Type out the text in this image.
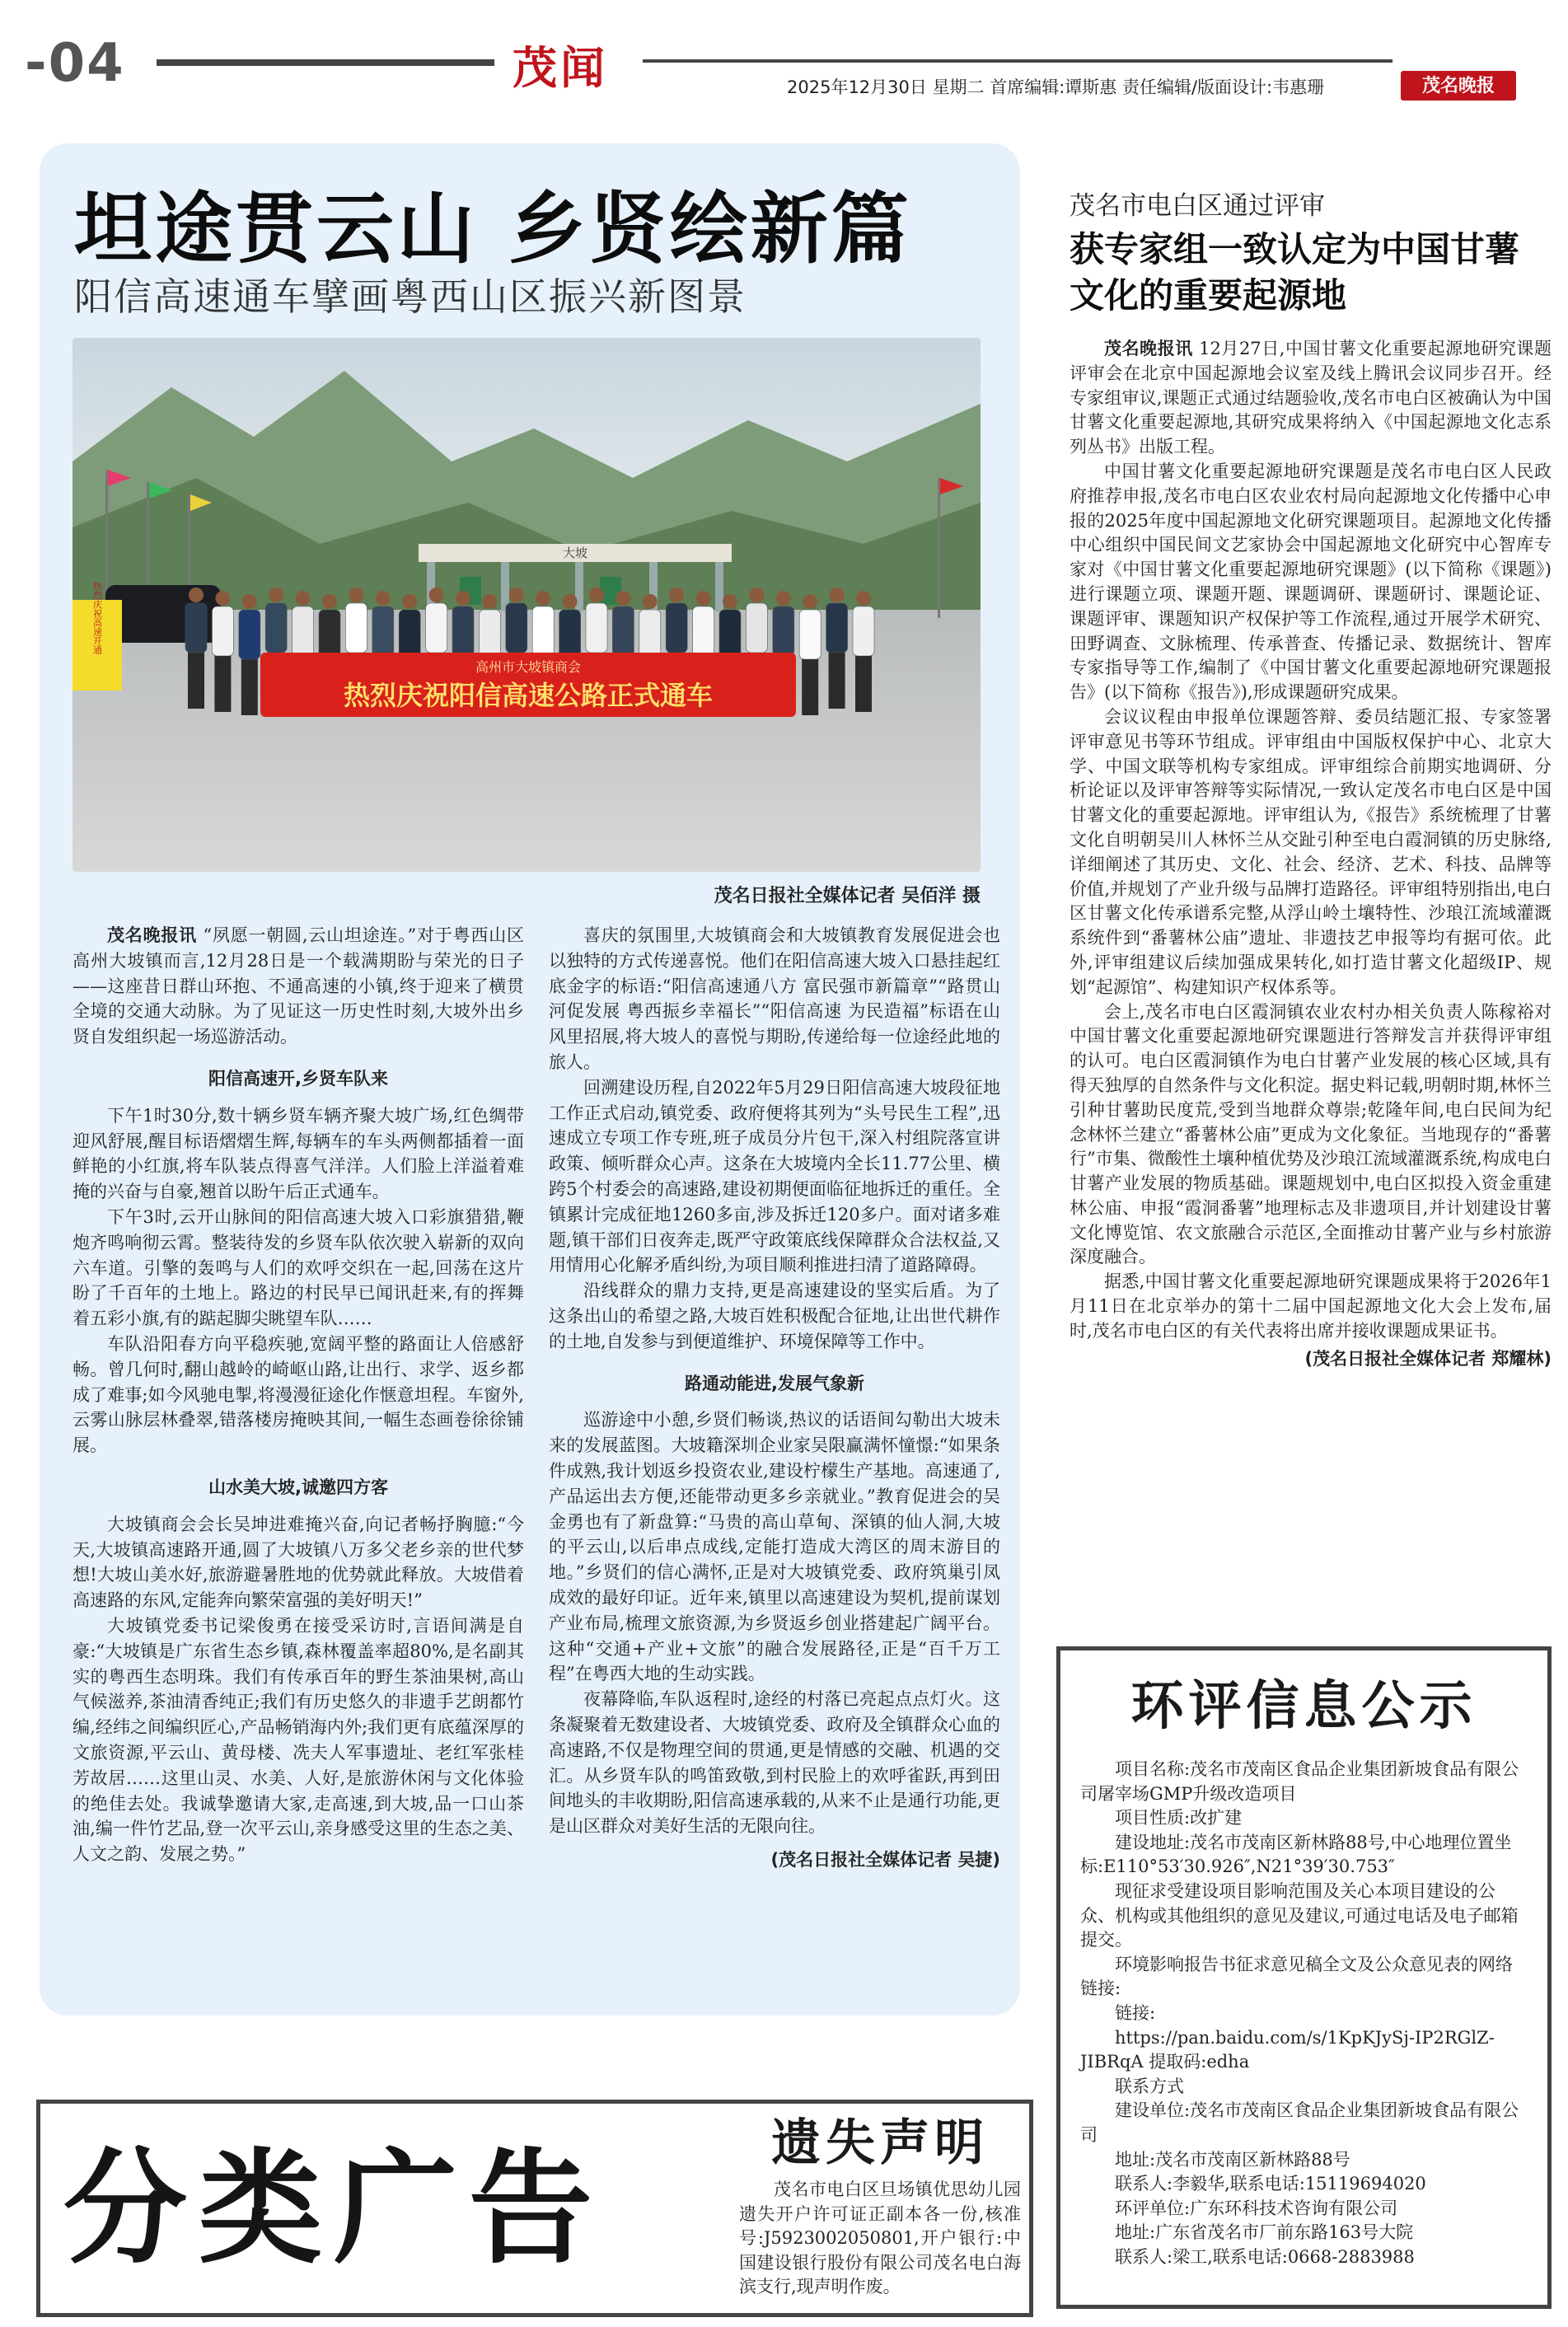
-04	茂闻	2025年12月30日 星期二 首席编辑:谭斯惠 责任编辑/版面设计:韦惠珊	茂名晚报
坦途贯云山 乡贤绘新篇
阳信高速通车擘画粤西山区振兴新图景
大坡
热烈庆祝高速开通
高州市大坡镇商会
热烈庆祝阳信高速公路正式通车
茂名日报社全媒体记者 吴佰洋 摄

茂名晚报讯 “夙愿一朝圆,云山坦途连。”对于粤西山区高州大坡镇而言,12月28日是一个载满期盼与荣光的日子——这座昔日群山环抱、不通高速的小镇,终于迎来了横贯全境的交通大动脉。为了见证这一历史性时刻,大坡外出乡贤自发组织起一场巡游活动。

阳信高速开,乡贤车队来

下午1时30分,数十辆乡贤车辆齐聚大坡广场,红色绸带迎风舒展,醒目标语熠熠生辉,每辆车的车头两侧都插着一面鲜艳的小红旗,将车队装点得喜气洋洋。人们脸上洋溢着难掩的兴奋与自豪,翘首以盼午后正式通车。

下午3时,云开山脉间的阳信高速大坡入口彩旗猎猎,鞭炮齐鸣响彻云霄。整装待发的乡贤车队依次驶入崭新的双向六车道。引擎的轰鸣与人们的欢呼交织在一起,回荡在这片盼了千百年的土地上。路边的村民早已闻讯赶来,有的挥舞着五彩小旗,有的踮起脚尖眺望车队……

车队沿阳春方向平稳疾驰,宽阔平整的路面让人倍感舒畅。曾几何时,翻山越岭的崎岖山路,让出行、求学、返乡都成了难事;如今风驰电掣,将漫漫征途化作惬意坦程。车窗外,云雾山脉层林叠翠,错落楼房掩映其间,一幅生态画卷徐徐铺展。

山水美大坡,诚邀四方客

大坡镇商会会长吴坤进难掩兴奋,向记者畅抒胸臆:“今天,大坡镇高速路开通,圆了大坡镇八万多父老乡亲的世代梦想!大坡山美水好,旅游避暑胜地的优势就此释放。大坡借着高速路的东风,定能奔向繁荣富强的美好明天!”

大坡镇党委书记梁俊勇在接受采访时,言语间满是自豪:“大坡镇是广东省生态乡镇,森林覆盖率超80%,是名副其实的粤西生态明珠。我们有传承百年的野生茶油果树,高山气候滋养,茶油清香纯正;我们有历史悠久的非遗手艺朗都竹编,经纬之间编织匠心,产品畅销海内外;我们更有底蕴深厚的文旅资源,平云山、黄母楼、冼夫人军事遗址、老红军张桂芳故居……这里山灵、水美、人好,是旅游休闲与文化体验的绝佳去处。我诚挚邀请大家,走高速,到大坡,品一口山茶油,编一件竹艺品,登一次平云山,亲身感受这里的生态之美、人文之韵、发展之势。”

喜庆的氛围里,大坡镇商会和大坡镇教育发展促进会也以独特的方式传递喜悦。他们在阳信高速大坡入口悬挂起红底金字的标语:“阳信高速通八方 富民强市新篇章”“路贯山河促发展 粤西振乡幸福长”“阳信高速 为民造福”标语在山风里招展,将大坡人的喜悦与期盼,传递给每一位途经此地的旅人。

回溯建设历程,自2022年5月29日阳信高速大坡段征地工作正式启动,镇党委、政府便将其列为“头号民生工程”,迅速成立专项工作专班,班子成员分片包干,深入村组院落宣讲政策、倾听群众心声。这条在大坡境内全长11.77公里、横跨5个村委会的高速路,建设初期便面临征地拆迁的重任。全镇累计完成征地1260多亩,涉及拆迁120多户。面对诸多难题,镇干部们日夜奔走,既严守政策底线保障群众合法权益,又用情用心化解矛盾纠纷,为项目顺利推进扫清了道路障碍。

沿线群众的鼎力支持,更是高速建设的坚实后盾。为了这条出山的希望之路,大坡百姓积极配合征地,让出世代耕作的土地,自发参与到便道维护、环境保障等工作中。

路通动能进,发展气象新

巡游途中小憩,乡贤们畅谈,热议的话语间勾勒出大坡未来的发展蓝图。大坡籍深圳企业家吴限赢满怀憧憬:“如果条件成熟,我计划返乡投资农业,建设柠檬生产基地。高速通了,产品运出去方便,还能带动更多乡亲就业。”教育促进会的吴金勇也有了新盘算:“马贵的高山草甸、深镇的仙人洞,大坡的平云山,以后串点成线,定能打造成大湾区的周末游目的地。”乡贤们的信心满怀,正是对大坡镇党委、政府筑巢引凤成效的最好印证。近年来,镇里以高速建设为契机,提前谋划产业布局,梳理文旅资源,为乡贤返乡创业搭建起广阔平台。这种“交通+产业+文旅”的融合发展路径,正是“百千万工程”在粤西大地的生动实践。

夜幕降临,车队返程时,途经的村落已亮起点点灯火。这条凝聚着无数建设者、大坡镇党委、政府及全镇群众心血的高速路,不仅是物理空间的贯通,更是情感的交融、机遇的交汇。从乡贤车队的鸣笛致敬,到村民脸上的欢呼雀跃,再到田间地头的丰收期盼,阳信高速承载的,从来不止是通行功能,更是山区群众对美好生活的无限向往。

(茂名日报社全媒体记者 吴捷)
茂名市电白区通过评审
获专家组一致认定为中国甘薯文化的重要起源地

茂名晚报讯 12月27日,中国甘薯文化重要起源地研究课题评审会在北京中国起源地会议室及线上腾讯会议同步召开。经专家组审议,课题正式通过结题验收,茂名市电白区被确认为中国甘薯文化重要起源地,其研究成果将纳入《中国起源地文化志系列丛书》出版工程。

中国甘薯文化重要起源地研究课题是茂名市电白区人民政府推荐申报,茂名市电白区农业农村局向起源地文化传播中心申报的2025年度中国起源地文化研究课题项目。起源地文化传播中心组织中国民间文艺家协会中国起源地文化研究中心智库专家对《中国甘薯文化重要起源地研究课题》(以下简称《课题》)进行课题立项、课题开题、课题调研、课题研讨、课题论证、课题评审、课题知识产权保护等工作流程,通过开展学术研究、田野调查、文脉梳理、传承普查、传播记录、数据统计、智库专家指导等工作,编制了《中国甘薯文化重要起源地研究课题报告》(以下简称《报告》),形成课题研究成果。

会议议程由申报单位课题答辩、委员结题汇报、专家签署评审意见书等环节组成。评审组由中国版权保护中心、北京大学、中国文联等机构专家组成。评审组综合前期实地调研、分析论证以及评审答辩等实际情况,一致认定茂名市电白区是中国甘薯文化的重要起源地。评审组认为,《报告》系统梳理了甘薯文化自明朝吴川人林怀兰从交趾引种至电白霞洞镇的历史脉络,详细阐述了其历史、文化、社会、经济、艺术、科技、品牌等价值,并规划了产业升级与品牌打造路径。评审组特别指出,电白区甘薯文化传承谱系完整,从浮山岭土壤特性、沙琅江流域灌溉系统件到“番薯林公庙”遗址、非遗技艺申报等均有据可依。此外,评审组建议后续加强成果转化,如打造甘薯文化超级IP、规划“起源馆”、构建知识产权体系等。

会上,茂名市电白区霞洞镇农业农村办相关负责人陈稼裕对中国甘薯文化重要起源地研究课题进行答辩发言并获得评审组的认可。电白区霞洞镇作为电白甘薯产业发展的核心区域,具有得天独厚的自然条件与文化积淀。据史料记载,明朝时期,林怀兰引种甘薯助民度荒,受到当地群众尊崇;乾隆年间,电白民间为纪念林怀兰建立“番薯林公庙”更成为文化象征。当地现存的“番薯行”市集、微酸性土壤种植优势及沙琅江流域灌溉系统,构成电白甘薯产业发展的物质基础。课题规划中,电白区拟投入资金重建林公庙、申报“霞洞番薯”地理标志及非遗项目,并计划建设甘薯文化博览馆、农文旅融合示范区,全面推动甘薯产业与乡村旅游深度融合。

据悉,中国甘薯文化重要起源地研究课题成果将于2026年1月11日在北京举办的第十二届中国起源地文化大会上发布,届时,茂名市电白区的有关代表将出席并接收课题成果证书。

(茂名日报社全媒体记者 郑耀林)
环评信息公示

项目名称:茂名市茂南区食品企业集团新坡食品有限公司屠宰场GMP升级改造项目

项目性质:改扩建

建设地址:茂名市茂南区新林路88号,中心地理位置坐标:E110°53′30.926″,N21°39′30.753″

现征求受建设项目影响范围及关心本项目建设的公众、机构或其他组织的意见及建议,可通过电话及电子邮箱提交。

环境影响报告书征求意见稿全文及公众意见表的网络链接:

链接:

https://pan.baidu.com/s/1KpKJySj-IP2RGlZ-JIBRqA 提取码:edha

联系方式

建设单位:茂名市茂南区食品企业集团新坡食品有限公司

地址:茂名市茂南区新林路88号

联系人:李毅华,联系电话:15119694020

环评单位:广东环科技术咨询有限公司

地址:广东省茂名市厂前东路163号大院

联系人:梁工,联系电话:0668-2883988

分类广告	遗失声明
茂名市电白区旦场镇优思幼儿园遗失开户许可证正副本各一份,核准号:J5923002050801,开户银行:中国建设银行股份有限公司茂名电白海滨支行,现声明作废。
